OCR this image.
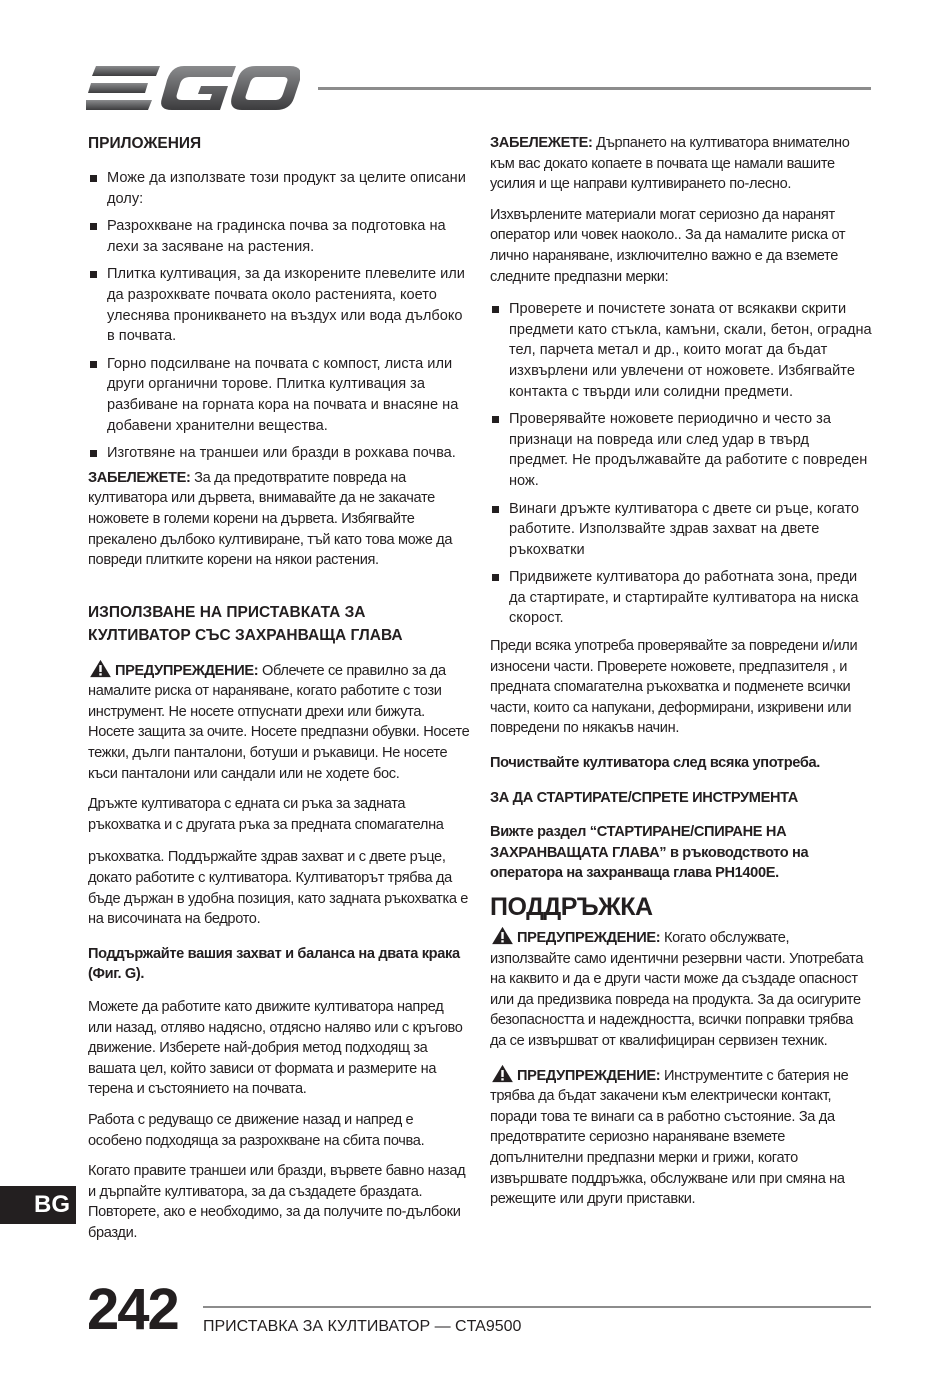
ПРИЛОЖЕНИЯ
Може да използвате този продукт за целите описани долу:
Разрохкване на градинска почва за подготовка на лехи за засяване на растения.
Плитка култивация, за да изкорените плевелите или да разрохквате почвата около растенията, което улеснява проникването на въздух или вода дълбоко в почвата.
Горно подсилване на почвата с компост, листа или други органични торове. Плитка култивация за разбиване на горната кора на почвата и внасяне на добавени хранителни вещества.
Изготвяне на траншеи или бразди в рохкава почва.

ЗАБЕЛЕЖЕТЕ: За да предотвратите повреда на култиватора или дървета, внимавайте да не закачате ножовете в големи корени на дърветa. Избягвайте прекалено дълбоко култивиране, тъй като това може да повреди плитките корени на някои растения.

ИЗПОЛЗВАНЕ НА ПРИСТАВКАТА ЗА КУЛТИВАТОР СЪС ЗАХРАНВАЩА ГЛАВА

ПРЕДУПРЕЖДЕНИЕ: Облечете се правилно за да намалите риска от нараняване, когато работите с този инструмент. Не носете отпуснати дрехи или бижута. Носете защита за очите. Носете предпазни обувки. Носете тежки, дълги панталони, ботуши и ръкавици. Не носете къси панталони или сандали или не ходете бос.

Дръжте култиватора с едната си ръка за задната ръкохватка и с другата ръка за предната спомагателна

ръкохватка. Поддържайте здрав захват и с двете ръце, докато работите с култиватора. Култиваторът трябва да бъде държан в удобна позиция, като задната ръкохватка е на височината на бедрото.

Поддържайте вашия захват и баланса на двата крака (Фиг. G).

Можете да работите като движите култиватора напред или назад, отляво надясно, отдясно наляво или с кръгово движение. Изберете най-добрия метод подходящ за вашата цел, който зависи от формата и размерите на терена и състоянието на почвата.

Работа с редуващо се движение назад и напред е особено подходяща за разрохкване на сбита почва.

Когато правите траншеи или бразди, вървете бавно назад и дърпайте култиватора, за да създадете браздата. Повторете, ако е необходимо, за да получите по-дълбоки бразди.

ЗАБЕЛЕЖЕТЕ: Дърпането на култиватора внимателно към вас докато копаете в почвата ще намали вашите усилия и ще направи култивирането по-лесно.

Изхвърлените материали могат сериозно да наранят оператор или човек наоколо.. За да намалите риска от лично нараняване, изключително важно е да вземете следните предпазни мерки:

Проверете и почистете зоната от всякакви скрити предмети като стъкла, камъни, скали, бетон, оградна тел, парчета метал и др., които могат да бъдат изхвърлени или увлечени от ножовете. Избягвайте контакта с твърди или солидни предмети.
Проверявайте ножовете периодично и често за признаци на повреда или след удар в твърд предмет. Не продължавайте да работите с повреден нож.
Винаги дръжте култиватора с двете си ръце, когато работите. Използвайте здрав захват на двете ръкохватки
Придвижете култиватора до работната зона, преди да стартирате, и стартирайте култиватора на ниска скорост.

Преди всяка употреба проверявайте за повредени и/или износени части. Проверете ножовете, предпазителя , и предната спомагателна ръкохватка и подменете всички части, които са напукани, деформирани, изкривени или повредени по някакъв начин.

Почиствайте култиватора след всяка употреба.

ЗА ДА СТАРТИРАТЕ/СПРЕТЕ ИНСТРУМЕНТА

Вижте раздел “СТАРТИРАНЕ/СПИРАНЕ НА ЗАХРАНВАЩАТА ГЛАВА” в ръководството на оператора на захранваща глава PH1400E.

ПОДДРЪЖКА

ПРЕДУПРЕЖДЕНИЕ: Когато обслужвате, използвайте само идентични резервни части. Употребата на каквито и да е други части може да създаде опасност или да предизвика повреда на продукта. За да осигурите безопасността и надеждността, всички поправки трябва да се извършват от квалифициран сервизен техник.

ПРЕДУПРЕЖДЕНИЕ: Инструментите с батерия не трябва да бъдат закачени към електрически контакт, поради това те винаги са в работно състояние. За да предотвратите сериозно нараняване вземете допълнителни предпазни мерки и грижи, когато извършвате поддръжка, обслужване или при смяна на режещите или други приставки.

BG
242 ПРИСТАВКА ЗА КУЛТИВАТОР — CTA9500
